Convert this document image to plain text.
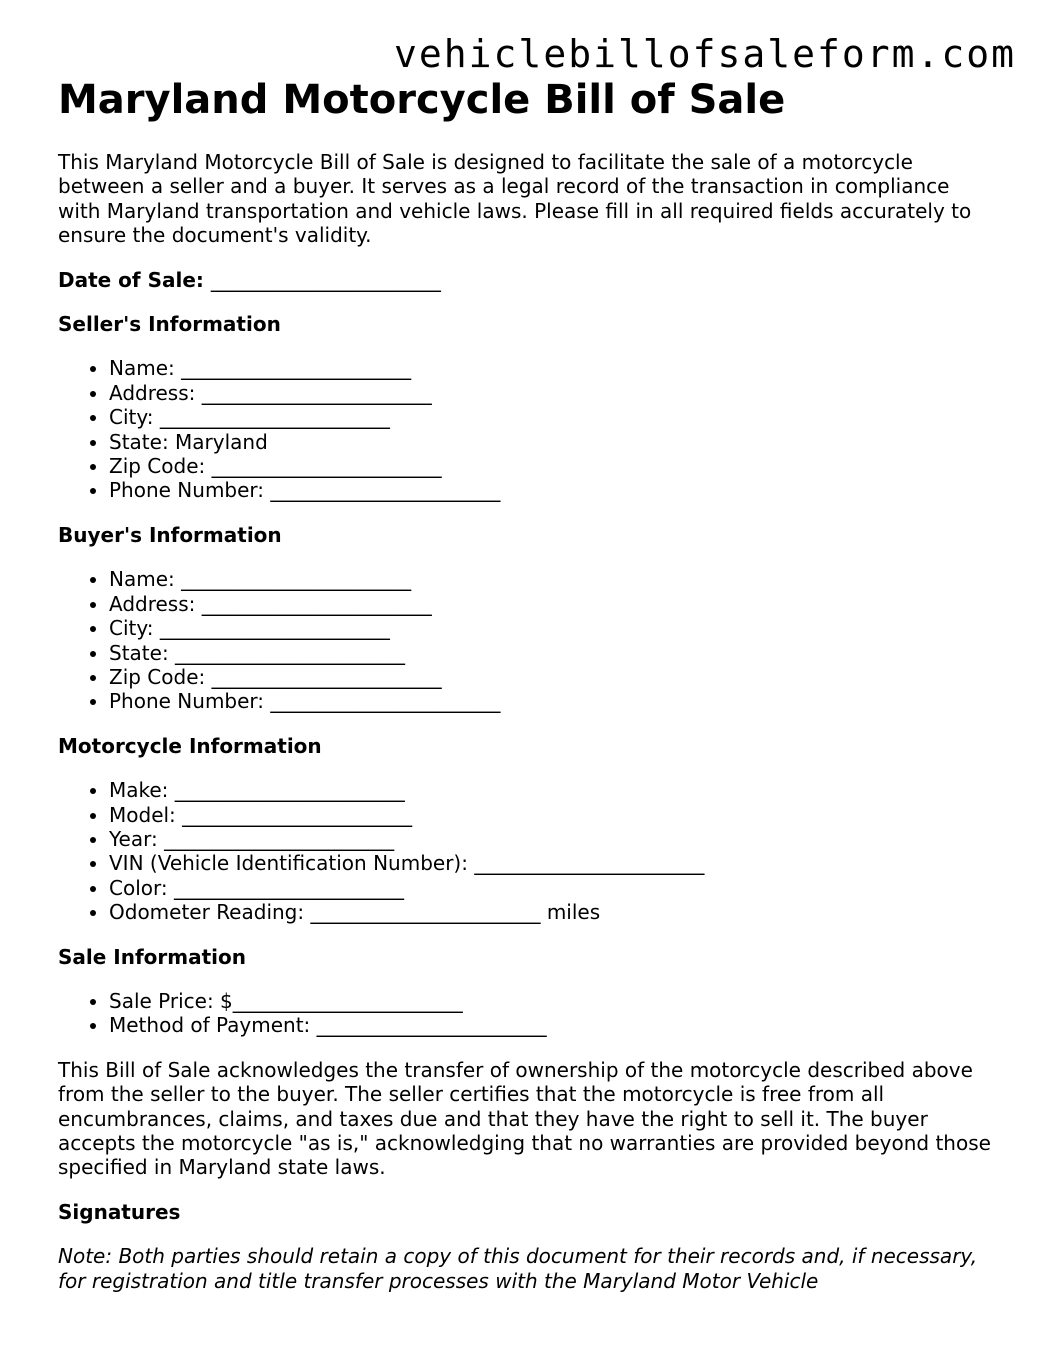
vehiclebillofsaleform.com
Maryland Motorcycle Bill of Sale

This Maryland Motorcycle Bill of Sale is designed to facilitate the sale of a motorcycle between a seller and a buyer. It serves as a legal record of the transaction in compliance with Maryland transportation and vehicle laws. Please fill in all required fields accurately to ensure the document's validity.

Date of Sale: _______________________
Seller's Information
• Name: _______________________
• Address: _______________________
• City: _______________________
• State: Maryland
• Zip Code: _______________________
• Phone Number: _______________________
Buyer's Information
• Name: _______________________
• Address: _______________________
• City: _______________________
• State: _______________________
• Zip Code: _______________________
• Phone Number: _______________________
Motorcycle Information
• Make: _______________________
• Model: _______________________
• Year: _______________________
• VIN (Vehicle Identification Number): _______________________
• Color: _______________________
• Odometer Reading: _______________________ miles
Sale Information
• Sale Price: $_______________________
• Method of Payment: _______________________

This Bill of Sale acknowledges the transfer of ownership of the motorcycle described above from the seller to the buyer. The seller certifies that the motorcycle is free from all encumbrances, claims, and taxes due and that they have the right to sell it. The buyer accepts the motorcycle "as is," acknowledging that no warranties are provided beyond those specified in Maryland state laws.

Signatures

Note: Both parties should retain a copy of this document for their records and, if necessary, for registration and title transfer processes with the Maryland Motor Vehicle
